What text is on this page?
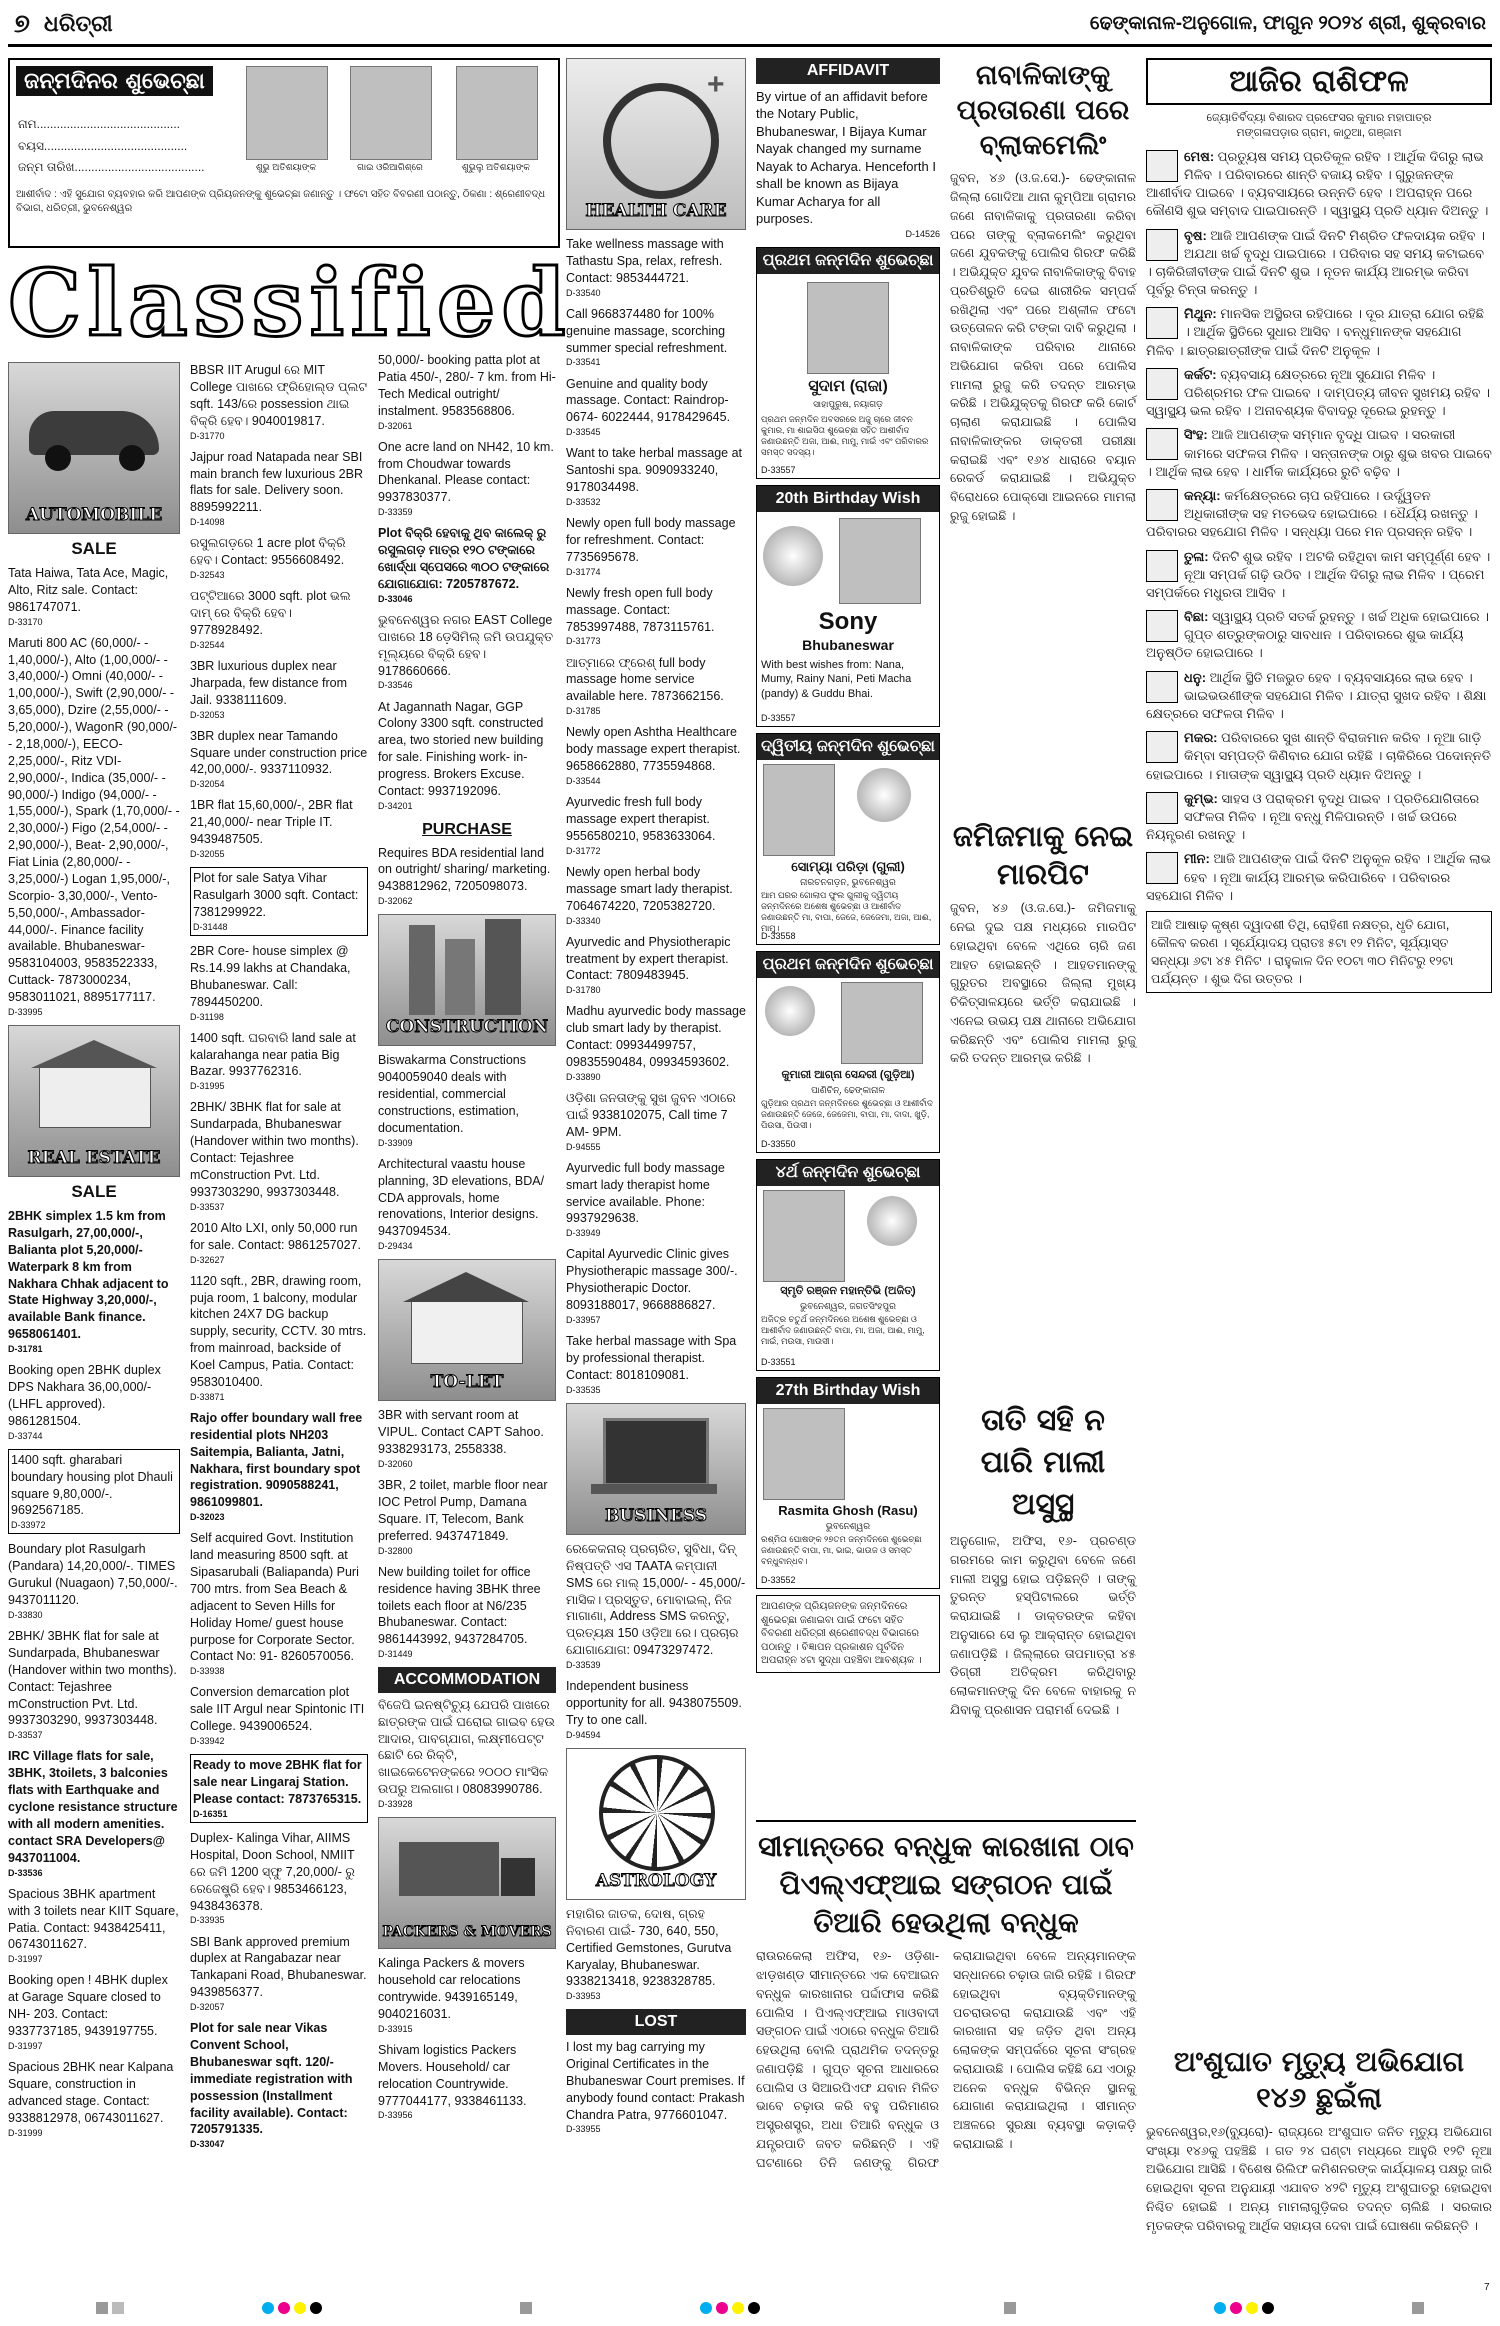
୭ ଧରିତ୍ରୀ	ଢେଙ୍କାନାଳ-ଅନୁଗୋଳ, ଫାଗୁନ ୨୦୨୪ ଶ୍ରୀ, ଶୁକ୍ରବାର
ଜନ୍ମଦିନର ଶୁଭେଚ୍ଛା
ନାମ...........................................
ବୟସ...........................................
ଜନ୍ମ ତାରିଖ.......................................	ଶୁଭୁ ଅତିଶୟାଙ୍କ	ଗାଇ ଓରିଆଗିଶ୍ରେ	ଶୁଭୁଲୁ ଅତିଶୟାଙ୍କ
ଆଶୀର୍ବାଦ : ଏହି ସୁଯୋଗ ବ୍ୟବହାର କରି ଆପଣଙ୍କ ପ୍ରିୟଜନଙ୍କୁ ଶୁଭେଚ୍ଛା ଜଣାନ୍ତୁ । ଫଟୋ ସହିତ ବିବରଣୀ ପଠାନ୍ତୁ, ଠିକଣା : ଶ୍ରେଣୀବଦ୍ଧ ବିଭାଗ, ଧରିତ୍ରୀ, ଭୁବନେଶ୍ୱର
Classified
AUTOMOBILE
SALE

Tata Haiwa, Tata Ace, Magic, Alto, Ritz sale. Contact: 9861747071.
D-33170

Maruti 800 AC (60,000/- - 1,40,000/-), Alto (1,00,000/- - 3,40,000/-) Omni (40,000/- - 1,00,000/-), Swift (2,90,000/- - 3,65,000), Dzire (2,55,000/- - 5,20,000/-), WagonR (90,000/- - 2,18,000/-), EECO- 2,25,000/-, Ritz VDI- 2,90,000/-, Indica (35,000/- - 90,000/-) Indigo (94,000/- - 1,55,000/-), Spark (1,70,000/- - 2,30,000/-) Figo (2,54,000/- - 2,90,000/-), Beat- 2,90,000/-, Fiat Linia (2,80,000/- - 3,25,000/-) Logan 1,95,000/-, Scorpio- 3,30,000/-, Vento- 5,50,000/-, Ambassador- 44,000/-. Finance facility available. Bhubaneswar- 9583104003, 9583522333, Cuttack- 7873000234, 9583011021, 8895177117.
D-33995

REAL ESTATE
SALE

2BHK simplex 1.5 km from Rasulgarh, 27,00,000/-, Balianta plot 5,20,000/- Waterpark 8 km from Nakhara Chhak adjacent to State Highway 3,20,000/-, available Bank finance. 9658061401.
D-31781

Booking open 2BHK duplex DPS Nakhara 36,00,000/- (LHFL approved). 9861281504.
D-33744

1400 sqft. gharabari boundary housing plot Dhauli square 9,80,000/-. 9692567185.
D-33972

Boundary plot Rasulgarh (Pandara) 14,20,000/-. TIMES Gurukul (Nuagaon) 7,50,000/-. 9437011120.
D-33830

2BHK/ 3BHK flat for sale at Sundarpada, Bhubaneswar (Handover within two months). Contact: Tejashree mConstruction Pvt. Ltd. 9937303290, 9937303448.
D-33537

IRC Village flats for sale, 3BHK, 3toilets, 3 balconies flats with Earthquake and cyclone resistance structure with all modern amenities. contact SRA Developers@ 9437011004.
D-33536

Spacious 3BHK apartment with 3 toilets near KIIT Square, Patia. Contact: 9438425411, 06743011627.
D-31997

Booking open ! 4BHK duplex at Garage Square closed to NH- 203. Contact: 9337737185, 9439197755.
D-31997

Spacious 2BHK near Kalpana Square, construction in advanced stage. Contact: 9338812978, 06743011627.
D-31999

BBSR IIT Arugul ରେ MIT College ପାଖରେ ଫ୍ରିହୋଲ୍ଡ ପ୍ଲଟ sqft. 143/ରେ possession ଥାଇ ବିକ୍ରି ହେବ। 9040019817.
D-31770

Jajpur road Natapada near SBI main branch few luxurious 2BR flats for sale. Delivery soon. 8895992211.
D-14098

ରସୁଲଗଡ଼ରେ 1 acre plot ବିକ୍ରି ହେବ। Contact: 9556608492.
D-32543

ପଟ୍ଟିଆରେ 3000 sqft. plot ଭଲ ଦାମ୍‍ ରେ ବିକ୍ରି ହେବ। 9778928492.
D-32544

3BR luxurious duplex near Jharpada, few distance from Jail. 9338111609.
D-32053

3BR duplex near Tamando Square under construction price 42,00,000/-. 9337110932.
D-32054

1BR flat 15,60,000/-, 2BR flat 21,40,000/- near Triple IT. 9439487505.
D-32055

Plot for sale Satya Vihar Rasulgarh 3000 sqft. Contact: 7381299922.
D-31448

2BR Core- house simplex @ Rs.14.99 lakhs at Chandaka, Bhubaneswar. Call: 7894450200.
D-31198

1400 sqft. ଘରବାରି land sale at kalarahanga near patia Big Bazar. 9937762316.
D-31995

2BHK/ 3BHK flat for sale at Sundarpada, Bhubaneswar (Handover within two months). Contact: Tejashree mConstruction Pvt. Ltd. 9937303290, 9937303448.
D-33537

2010 Alto LXI, only 50,000 run for sale. Contact: 9861257027.
D-32627

1120 sqft., 2BR, drawing room, puja room, 1 balcony, modular kitchen 24X7 DG backup supply, security, CCTV. 30 mtrs. from mainroad, backside of Koel Campus, Patia. Contact: 9583010400.
D-33871

Rajo offer boundary wall free residential plots NH203 Saitempia, Balianta, Jatni, Nakhara, first boundary spot registration. 9090588241, 9861099801.
D-32023

Self acquired Govt. Institution land measuring 8500 sqft. at Sipasarubali (Baliapanda) Puri 700 mtrs. from Sea Beach & adjacent to Seven Hills for Holiday Home/ guest house purpose for Corporate Sector. Contact No: 91- 8260570056.
D-33938

Conversion demarcation plot sale IIT Argul near Spintonic ITI College. 9439006524.
D-33942

Ready to move 2BHK flat for sale near Lingaraj Station. Please contact: 7873765315.
D-16351

Duplex- Kalinga Vihar, AIIMS Hospital, Doon School, NMIIT ରେ ଜମି 1200 ସ୍ଫୁ 7,20,000/- ରୁ ରେଜେଷ୍ଟ୍ରି ହେବ। 9853466123, 9438436378.
D-33935

SBI Bank approved premium duplex at Rangabazar near Tankapani Road, Bhubaneswar. 9439856377.
D-32057

Plot for sale near Vikas Convent School, Bhubaneswar sqft. 120/- immediate registration with possession (Installment facility available). Contact: 7205791335.
D-33047

50,000/- booking patta plot at Patia 450/-, 280/- 7 km. from Hi-Tech Medical outright/ instalment. 9583568806.
D-32061

One acre land on NH42, 10 km. from Choudwar towards Dhenkanal. Please contact: 9937830377.
D-33359

Plot ବିକ୍ରି ହେବାକୁ ଥିବ କାଲେକ୍‍ ରୁ ରସୁଲଗଡ଼ ମାତ୍ର ୧୨୦ ଟଙ୍କାରେ ଖୋର୍ଦ୍ଧା ସ୍ପେସରେ ୩୦୦ ଟଙ୍କାରେ ଯୋଗାଯୋଗ: 7205787672.
D-33046

ଭୁବନେଶ୍ୱର ନଗର EAST College ପାଖରେ 18 ଡ଼େସିମିଲ୍‍ ଜମି ଉପଯୁକ୍ତ ମୂଲ୍ୟରେ ବିକ୍ରି ହେବ। 9178660666.
D-33546

At Jagannath Nagar, GGP Colony 3300 sqft. constructed area, two storied new building for sale. Finishing work- in- progress. Brokers Excuse. Contact: 9937192096.
D-34201

PURCHASE

Requires BDA residential land on outright/ sharing/ marketing. 9438812962, 7205098073.
D-32062

CONSTRUCTION

Biswakarma Constructions 9040059040 deals with residential, commercial constructions, estimation, documentation.
D-33909

Architectural vaastu house planning, 3D elevations, BDA/ CDA approvals, home renovations, Interior designs. 9437094534.
D-29434

TO-LET

3BR with servant room at VIPUL. Contact CAPT Sahoo. 9338293173, 2558338.
D-32060

3BR, 2 toilet, marble floor near IOC Petrol Pump, Damana Square. IT, Telecom, Bank preferred. 9437471849.
D-32800

New building toilet for office residence having 3BHK three toilets each floor at N6/235 Bhubaneswar. Contact: 9861443992, 9437284705.
D-31449

ACCOMMODATION

ବିଜେପି ଇନଷ୍ଟିଚ୍ୟୁ ଯେପରି ପାଖରେ ଛାତ୍ରଙ୍କ ପାଇଁ ଘରୋଇ ଗାଇବ ହେଉ ଆଦାର, ପାବଗ୍‍ଯାଗ, ଲକ୍ଷ୍ମୀପେଟ୍ଟ ଛୋଟି ରେ ରିକ୍ଟି, ଖାଇକେଟେନଙ୍କରେ ୨୦୦୦ ମାଂସିକ ଉପରୁ ଅଲଗାଗ। 08083990786.
D-33928

PACKERS & MOVERS

Kalinga Packers & movers household car relocations contrywide. 9439165149, 9040216031.
D-33915

Shivam logistics Packers Movers. Household/ car relocation Countrywide. 9777044177, 9338461133.
D-33956

+
HEALTH CARE

Take wellness massage with Tathastu Spa, relax, refresh. Contact: 9853444721.
D-33540

Call 9668374480 for 100% genuine massage, scorching summer special refreshment.
D-33541

Genuine and quality body massage. Contact: Raindrop- 0674- 6022444, 9178429645.
D-33545

Want to take herbal massage at Santoshi spa. 9090933240, 9178034498.
D-33532

Newly open full body massage for refreshment. Contact: 7735695678.
D-31774

Newly fresh open full body massage. Contact: 7853997488, 7873115761.
D-31773

ଆତ୍ମାରେ ଫ୍ରେଶ୍‍ full body massage home service available here. 7873662156.
D-31785

Newly open Ashtha Healthcare body massage expert therapist. 9658662880, 7735594868.
D-33544

Ayurvedic fresh full body massage expert therapist. 9556580210, 9583633064.
D-31772

Newly open herbal body massage smart lady therapist. 7064674220, 7205382720.
D-33340

Ayurvedic and Physiotherapic treatment by expert therapist. Contact: 7809483945.
D-31780

Madhu ayurvedic body massage club smart lady by therapist. Contact: 09934499757, 09835590484, 09934593602.
D-33890

ଓଡ଼ିଶା ଜନତାଙ୍କୁ ସୁଖ ଜୁବନ ଏଠାରେ ପାଇଁ 9338102075, Call time 7 AM- 9PM.
D-94555

Ayurvedic full body massage smart lady therapist home service available. Phone: 9937929638.
D-33949

Capital Ayurvedic Clinic gives Physiotherapic massage 300/-. Physiotherapic Doctor. 8093188017, 9668886827.
D-33957

Take herbal massage with Spa by professional therapist. Contact: 8018109081.
D-33535

BUSINESS

ରେକେକନାର୍ ପ୍ରଚାରିତ, ସୁବିଧା, ଦିନ୍ ନିଷ୍ପତ୍ତି ଏସ TAATA କମ୍ପାନୀ SMS ରେ ମାଲ୍‍ 15,000/- - 45,000/- ମାସିକ। ପ୍ରସ୍ତୁତ, ମୋବାଇଲ୍, ନିଜ ମାଗାଣା, Address SMS କରନ୍ତୁ, ପ୍ରତ୍ୟକ୍ଷ 150 ଓଡ଼ିଆ ରେ। ପ୍ରଚାର ଯୋଗାଯୋଗ: 09473297472.
D-33539

Independent business opportunity for all. 9438075509. Try to one call.
D-94594

ASTROLOGY

ମହାଗିର ଜାତକ, ଦୋଷ, ଗ୍ରହ ନିବାରଣ ପାଇଁ- 730, 640, 550, Certified Gemstones, Gurutva Karyalay, Bhubaneswar. 9338213418, 9238328785.
D-33953

LOST

I lost my bag carrying my Original Certificates in the Bhubaneswar Court premises. If anybody found contact: Prakash Chandra Patra, 9776601047.
D-33955

AFFIDAVIT

By virtue of an affidavit before the Notary Public, Bhubaneswar, I Bijaya Kumar Nayak changed my surname Nayak to Acharya. Henceforth I shall be known as Bijaya Kumar Acharya for all purposes.
D-14526

ପ୍ରଥମ ଜନ୍ମଦିନ ଶୁଭେଚ୍ଛା
ସୁଦାମ (ରାଜା)
ସାହାପୁରୁଷ, ନୟାଗଡ଼
ପ୍ରଥମ ଜନ୍ମଦିନ ଅବସରରେ ଅଜୁ ଚାରେ ଜୀବନ କୁମାର, ମା ଶାଇସିତା ଶୁଭେଚ୍ଛା ସହିତ ଆଶୀର୍ବାଦ ଜଣାଉଛନ୍ତି ଅଜା, ଆଈ, ମାମୁ, ମାଇଁ ଏବଂ ପରିବାରର ସମସ୍ତ ସଦସ୍ୟ।
D-33557
20th Birthday Wish
Sony
Bhubaneswar
With best wishes from: Nana, Mumy, Rainy Nani, Peti Macha (pandy) & Guddu Bhai.
D-33557
ଦ୍ୱିତୀୟ ଜନ୍ମଦିନ ଶୁଭେଚ୍ଛା
ସୋମ୍ୟା ପରିଡ଼ା (ଗୁଲୀ)
ନାରଚନଗଡ଼ନ, ଭୁବନେଶ୍ୱର
ଆମ ଘରର ଗୋଲାପ ଫୁଲ ଗୁଲୀକୁ ଦ୍ୱିତୀୟ ଜନ୍ମଦିନରେ ଅଶେଷ ଶୁଭେଚ୍ଛା ଓ ଆଶୀର୍ବାଦ ଜଣାଉଛନ୍ତି ମା, ବାପା, ଜେଜେ, ଜେଜେମା, ଅଜା, ଆଈ, ମାମୁ।
D-33558
ପ୍ରଥମ ଜନ୍ମଦିନ ଶୁଭେଚ୍ଛା
କୁମାରୀ ଆଗ୍ନା ସେନ୍ଦରୀ (ଗୁଡ଼ିଆ)
ପାଣିଚିନ୍, ଢେଙ୍କାନାଳ
ଗୁଡ଼ିଆର ପ୍ରଥମ ଜନ୍ମଦିନରେ ଶୁଭେଚ୍ଛା ଓ ଆଶୀର୍ବାଦ ଜଣାଉଛନ୍ତି ଜେଜେ, ଜେଜେମା, ବାପା, ମା, ଦାଦା, ଖୁଡ଼ି, ପିଉସା, ପିଉସୀ।
D-33550
୪ର୍ଥ ଜନ୍ମଦିନ ଶୁଭେଚ୍ଛା
ସ୍ମୃତି ରଞ୍ଜନ ମହାନ୍ତିଭି (ଅଜିତ୍)
ଭୁବନେଶ୍ୱର, ଜଗତସିଂହପୁର
ଅଜିତ୍‍ର ଚତୁର୍ଥ ଜନ୍ମଦିନରେ ଅଶେଷ ଶୁଭେଚ୍ଛା ଓ ଆଶୀର୍ବାଦ ଜଣାଉଛନ୍ତି ବାପା, ମା, ଅଜା, ଆଈ, ମାମୁ, ମାଇଁ, ମଉସା, ମାଉସୀ।
D-33551
27th Birthday Wish
Rasmita Ghosh (Rasu)
ଭୁବନେଶ୍ୱର
ରଶ୍ମିତା ଘୋଷଙ୍କ ୨୭ତମ ଜନ୍ମଦିନରେ ଶୁଭେଚ୍ଛା ଜଣାଉଛନ୍ତି ବାପା, ମା, ଭାଇ, ଭାଉଜ ଓ ସମସ୍ତ ବନ୍ଧୁବାନ୍ଧବ।
D-33552
ଆପଣଙ୍କ ପ୍ରିୟଜନଙ୍କ ଜନ୍ମଦିନରେ ଶୁଭେଚ୍ଛା ଜଣାଇବା ପାଇଁ ଫଟୋ ସହିତ ବିବରଣୀ ଧରିତ୍ରୀ ଶ୍ରେଣୀବଦ୍ଧ ବିଭାଗରେ ପଠାନ୍ତୁ । ବିଜ୍ଞାପନ ପ୍ରକାଶନ ପୂର୍ବଦିନ ଅପରାହ୍ନ ୪ଟା ସୁଦ୍ଧା ପହଞ୍ଚିବା ଆବଶ୍ୟକ ।
ନାବାଳିକାଙ୍କୁ ପ୍ରତାରଣା ପରେ ବ୍ଲାକମେଲିଂ
ଜୁବନ, ୪୬ (ଓ.ଜ.ସେ.)- ଢେଙ୍କାନାଳ ଜିଲ୍ଲା ଗୋଦିଆ ଥାନା କୁମ୍ପିଆ ଗ୍ରାମର ଜଣେ ନାବାଳିକାକୁ ପ୍ରତାରଣା କରିବା ପରେ ତାଙ୍କୁ ବ୍ଲାକମେଲିଂ କରୁଥିବା ଜଣେ ଯୁବକଙ୍କୁ ପୋଲିସ ଗିରଫ କରିଛି । ଅଭିଯୁକ୍ତ ଯୁବକ ନାବାଳିକାଙ୍କୁ ବିବାହ ପ୍ରତିଶ୍ରୁତି ଦେଇ ଶାରୀରିକ ସମ୍ପର୍କ ରଖିଥିଲା ଏବଂ ପରେ ଅଶ୍ଳୀଳ ଫଟୋ ଉତ୍ତୋଳନ କରି ଟଙ୍କା ଦାବି କରୁଥିଲା । ନାବାଳିକାଙ୍କ ପରିବାର ଥାନାରେ ଅଭିଯୋଗ କରିବା ପରେ ପୋଲିସ ମାମଲା ରୁଜୁ କରି ତଦନ୍ତ ଆରମ୍ଭ କରିଛି । ଅଭିଯୁକ୍ତକୁ ଗିରଫ କରି କୋର୍ଟ ଚାଲାଣ କରାଯାଇଛି । ପୋଲିସ ନାବାଳିକାଙ୍କର ଡାକ୍ତରୀ ପରୀକ୍ଷା କରାଇଛି ଏବଂ ୧୬୪ ଧାରାରେ ବୟାନ ରେକର୍ଡ କରାଯାଇଛି । ଅଭିଯୁକ୍ତ ବିରୋଧରେ ପୋକ୍ସୋ ଆଇନରେ ମାମଲା ରୁଜୁ ହୋଇଛି ।
ଜମିଜମାକୁ ନେଇ ମାରପିଟ
ଜୁବନ, ୪୬ (ଓ.ଜ.ସେ.)- ଜମିଜମାକୁ ନେଇ ଦୁଇ ପକ୍ଷ ମଧ୍ୟରେ ମାରପିଟ ହୋଇଥିବା ବେଳେ ଏଥିରେ ଚାରି ଜଣ ଆହତ ହୋଇଛନ୍ତି । ଆହତମାନଙ୍କୁ ଗୁରୁତର ଅବସ୍ଥାରେ ଜିଲ୍ଲା ମୁଖ୍ୟ ଚିକିତ୍ସାଳୟରେ ଭର୍ତ୍ତି କରାଯାଇଛି । ଏନେଇ ଉଭୟ ପକ୍ଷ ଥାନାରେ ଅଭିଯୋଗ କରିଛନ୍ତି ଏବଂ ପୋଲିସ ମାମଲା ରୁଜୁ କରି ତଦନ୍ତ ଆରମ୍ଭ କରିଛି ।
ତାତି ସହି ନ ପାରି ମାଲୀ ଅସୁସ୍ଥ
ଅନୁଗୋଳ, ଅଫିସ, ୧୬- ପ୍ରଚଣ୍ଡ ଗରମରେ କାମ କରୁଥିବା ବେଳେ ଜଣେ ମାଲୀ ଅସୁସ୍ଥ ହୋଇ ପଡ଼ିଛନ୍ତି । ତାଙ୍କୁ ତୁରନ୍ତ ହସ୍ପିଟାଲରେ ଭର୍ତ୍ତି କରାଯାଇଛି । ଡାକ୍ତରଙ୍କ କହିବା ଅନୁସାରେ ସେ ଲୁ ଆକ୍ରାନ୍ତ ହୋଇଥିବା ଜଣାପଡ଼ିଛି । ଜିଲ୍ଲାରେ ତାପମାତ୍ରା ୪୫ ଡିଗ୍ରୀ ଅତିକ୍ରମ କରିଥିବାରୁ ଲୋକମାନଙ୍କୁ ଦିନ ବେଳେ ବାହାରକୁ ନ ଯିବାକୁ ପ୍ରଶାସନ ପରାମର୍ଶ ଦେଇଛି ।
ସୀମାନ୍ତରେ ବନ୍ଧୁକ କାରଖାନା ଠାବ ପିଏଲ୍‍ଏଫ୍‍ଆଇ ସଙ୍ଗଠନ ପାଇଁ ତିଆରି ହେଉଥିଲା ବନ୍ଧୁକ
ରାଉରକେଲା ଅଫିସ, ୧୬- ଓଡ଼ିଶା-ଝାଡ଼ଖଣ୍ଡ ସୀମାନ୍ତରେ ଏକ ବେଆଇନ ବନ୍ଧୁକ କାରଖାନାର ପର୍ଦ୍ଦାଫାସ କରିଛି ପୋଲିସ । ପିଏଲ୍‍ଏଫ୍‍ଆଇ ମାଓବାଦୀ ସଙ୍ଗଠନ ପାଇଁ ଏଠାରେ ବନ୍ଧୁକ ତିଆରି ହେଉଥିଲା ବୋଲି ପ୍ରାଥମିକ ତଦନ୍ତରୁ ଜଣାପଡ଼ିଛି । ଗୁପ୍ତ ସୂଚନା ଆଧାରରେ ପୋଲିସ ଓ ସିଆରପିଏଫ ଯବାନ ମିଳିତ ଭାବେ ଚଢ଼ାଉ କରି ବହୁ ପରିମାଣର ଅସ୍ତ୍ରଶସ୍ତ୍ର, ଅଧା ତିଆରି ବନ୍ଧୁକ ଓ ଯନ୍ତ୍ରପାତି ଜବତ କରିଛନ୍ତି । ଏହି ଘଟଣାରେ ତିନି ଜଣଙ୍କୁ ଗିରଫ କରାଯାଇଥିବା ବେଳେ ଅନ୍ୟମାନଙ୍କ ସନ୍ଧାନରେ ଚଢ଼ାଉ ଜାରି ରହିଛି । ଗିରଫ ହୋଇଥିବା ବ୍ୟକ୍ତିମାନଙ୍କୁ ପଚରାଉଚରା କରାଯାଉଛି ଏବଂ ଏହି କାରଖାନା ସହ ଜଡ଼ିତ ଥିବା ଅନ୍ୟ ଲୋକଙ୍କ ସମ୍ପର୍କରେ ସୂଚନା ସଂଗ୍ରହ କରାଯାଉଛି । ପୋଲିସ କହିଛି ଯେ ଏଠାରୁ ଅନେକ ବନ୍ଧୁକ ବିଭିନ୍ନ ସ୍ଥାନକୁ ଯୋଗାଣ କରାଯାଇଥିଲା । ସୀମାନ୍ତ ଅଞ୍ଚଳରେ ସୁରକ୍ଷା ବ୍ୟବସ୍ଥା କଡ଼ାକଡ଼ି କରାଯାଇଛି ।
ଆଜିର ରାଶିଫଳ
ଜ୍ୟୋତିର୍ବିଦ୍ୟା ବିଶାରଦ ପ୍ରଫେସର କୁମାର ମହାପାତ୍ର
ମଙ୍ଗଳାପଡ଼ାର ଗ୍ରାମ, କାଠୁଆ, ଗଞ୍ଜାମ

ମେଷ: ପ୍ରତ୍ୟୁଷ ସମୟ ପ୍ରତିକୂଳ ରହିବ । ଆର୍ଥିକ ଦିଗରୁ ଲାଭ ମିଳିବ । ପରିବାରରେ ଶାନ୍ତି ବଜାୟ ରହିବ । ଗୁରୁଜନଙ୍କ ଆଶୀର୍ବାଦ ପାଇବେ । ବ୍ୟବସାୟରେ ଉନ୍ନତି ହେବ । ଅପରାହ୍ନ ପରେ କୌଣସି ଶୁଭ ସମ୍ବାଦ ପାଇପାରନ୍ତି । ସ୍ୱାସ୍ଥ୍ୟ ପ୍ରତି ଧ୍ୟାନ ଦିଅନ୍ତୁ ।

ବୃଷ: ଆଜି ଆପଣଙ୍କ ପାଇଁ ଦିନଟି ମିଶ୍ରିତ ଫଳଦାୟକ ରହିବ । ଅଯଥା ଖର୍ଚ୍ଚ ବୃଦ୍ଧି ପାଇପାରେ । ପରିବାର ସହ ସମୟ କଟାଇବେ । ଚାକିରିଜୀବୀଙ୍କ ପାଇଁ ଦିନଟି ଶୁଭ । ନୂତନ କାର୍ଯ୍ୟ ଆରମ୍ଭ କରିବା ପୂର୍ବରୁ ଚିନ୍ତା କରନ୍ତୁ ।

ମିଥୁନ: ମାନସିକ ଅସ୍ଥିରତା ରହିପାରେ । ଦୂର ଯାତ୍ରା ଯୋଗ ରହିଛି । ଆର୍ଥିକ ସ୍ଥିତିରେ ସୁଧାର ଆସିବ । ବନ୍ଧୁମାନଙ୍କ ସହଯୋଗ ମିଳିବ । ଛାତ୍ରଛାତ୍ରୀଙ୍କ ପାଇଁ ଦିନଟି ଅନୁକୂଳ ।

କର୍କଟ: ବ୍ୟବସାୟ କ୍ଷେତ୍ରରେ ନୂଆ ସୁଯୋଗ ମିଳିବ । ପରିଶ୍ରମର ଫଳ ପାଇବେ । ଦାମ୍ପତ୍ୟ ଜୀବନ ସୁଖମୟ ରହିବ । ସ୍ୱାସ୍ଥ୍ୟ ଭଲ ରହିବ । ଅନାବଶ୍ୟକ ବିବାଦରୁ ଦୂରେଇ ରୁହନ୍ତୁ ।

ସିଂହ: ଆଜି ଆପଣଙ୍କ ସମ୍ମାନ ବୃଦ୍ଧି ପାଇବ । ସରକାରୀ କାମରେ ସଫଳତା ମିଳିବ । ସନ୍ତାନଙ୍କ ଠାରୁ ଶୁଭ ଖବର ପାଇବେ । ଆର୍ଥିକ ଲାଭ ହେବ । ଧାର୍ମିକ କାର୍ଯ୍ୟରେ ରୁଚି ବଢ଼ିବ ।

କନ୍ୟା: କର୍ମକ୍ଷେତ୍ରରେ ଚାପ ରହିପାରେ । ଉର୍ଦ୍ଧ୍ୱତନ ଅଧିକାରୀଙ୍କ ସହ ମତଭେଦ ହୋଇପାରେ । ଧୈର୍ଯ୍ୟ ରଖନ୍ତୁ । ପରିବାରର ସହଯୋଗ ମିଳିବ । ସନ୍ଧ୍ୟା ପରେ ମନ ପ୍ରସନ୍ନ ରହିବ ।

ତୁଳା: ଦିନଟି ଶୁଭ ରହିବ । ଅଟକି ରହିଥିବା କାମ ସମ୍ପୂର୍ଣ୍ଣ ହେବ । ନୂଆ ସମ୍ପର୍କ ଗଢ଼ି ଉଠିବ । ଆର୍ଥିକ ଦିଗରୁ ଲାଭ ମିଳିବ । ପ୍ରେମ ସମ୍ପର୍କରେ ମଧୁରତା ଆସିବ ।

ବିଛା: ସ୍ୱାସ୍ଥ୍ୟ ପ୍ରତି ସତର୍କ ରୁହନ୍ତୁ । ଖର୍ଚ୍ଚ ଅଧିକ ହୋଇପାରେ । ଗୁପ୍ତ ଶତ୍ରୁଙ୍କଠାରୁ ସାବଧାନ । ପରିବାରରେ ଶୁଭ କାର୍ଯ୍ୟ ଅନୁଷ୍ଠିତ ହୋଇପାରେ ।

ଧନୁ: ଆର୍ଥିକ ସ୍ଥିତି ମଜଭୁତ ହେବ । ବ୍ୟବସାୟରେ ଲାଭ ହେବ । ଭାଇଭଉଣୀଙ୍କ ସହଯୋଗ ମିଳିବ । ଯାତ୍ରା ସୁଖଦ ରହିବ । ଶିକ୍ଷା କ୍ଷେତ୍ରରେ ସଫଳତା ମିଳିବ ।

ମକର: ପରିବାରରେ ସୁଖ ଶାନ୍ତି ବିରାଜମାନ କରିବ । ନୂଆ ଗାଡ଼ି କିମ୍ବା ସମ୍ପତ୍ତି କିଣିବାର ଯୋଗ ରହିଛି । ଚାକିରିରେ ପଦୋନ୍ନତି ହୋଇପାରେ । ମାତାଙ୍କ ସ୍ୱାସ୍ଥ୍ୟ ପ୍ରତି ଧ୍ୟାନ ଦିଅନ୍ତୁ ।

କୁମ୍ଭ: ସାହସ ଓ ପରାକ୍ରମ ବୃଦ୍ଧି ପାଇବ । ପ୍ରତିଯୋଗିତାରେ ସଫଳତା ମିଳିବ । ନୂଆ ବନ୍ଧୁ ମିଳିପାରନ୍ତି । ଖର୍ଚ୍ଚ ଉପରେ ନିୟନ୍ତ୍ରଣ ରଖନ୍ତୁ ।

ମୀନ: ଆଜି ଆପଣଙ୍କ ପାଇଁ ଦିନଟି ଅନୁକୂଳ ରହିବ । ଆର୍ଥିକ ଲାଭ ହେବ । ନୂଆ କାର୍ଯ୍ୟ ଆରମ୍ଭ କରିପାରିବେ । ପରିବାରର ସହଯୋଗ ମିଳିବ ।

ଆଜି ଆଷାଢ଼ କୃଷ୍ଣ ଦ୍ୱାଦଶୀ ତିଥି, ରୋହିଣୀ ନକ୍ଷତ୍ର, ଧୃତି ଯୋଗ, କୌଳବ କରଣ । ସୂର୍ଯ୍ୟୋଦୟ ପ୍ରାତଃ ୫ଟା ୧୨ ମିନିଟ, ସୂର୍ଯ୍ୟାସ୍ତ ସନ୍ଧ୍ୟା ୬ଟା ୪୫ ମିନିଟ । ରାହୁକାଳ ଦିନ ୧୦ଟା ୩୦ ମିନିଟରୁ ୧୨ଟା ପର୍ଯ୍ୟନ୍ତ । ଶୁଭ ଦିଗ ଉତ୍ତର ।
ଅଂଶୁଘାତ ମୃତ୍ୟୁ ଅଭିଯୋଗ ୧୪୬ ଛୁଇଁଲା
ଭୁବନେଶ୍ୱର,୧୬(ବ୍ୟୁରୋ)- ରାଜ୍ୟରେ ଅଂଶୁଘାତ ଜନିତ ମୃତ୍ୟୁ ଅଭିଯୋଗ ସଂଖ୍ୟା ୧୪୬କୁ ପହଞ୍ଚିଛି । ଗତ ୨୪ ଘଣ୍ଟା ମଧ୍ୟରେ ଆହୁରି ୧୨ଟି ନୂଆ ଅଭିଯୋଗ ଆସିଛି । ବିଶେଷ ରିଲିଫ କମିଶନରଙ୍କ କାର୍ଯ୍ୟାଳୟ ପକ୍ଷରୁ ଜାରି ହୋଇଥିବା ସୂଚନା ଅନୁଯାୟୀ ଏଯାବତ ୪୨ଟି ମୃତ୍ୟୁ ଅଂଶୁଘାତରୁ ହୋଇଥିବା ନିଶ୍ଚିତ ହୋଇଛି । ଅନ୍ୟ ମାମଲାଗୁଡ଼ିକର ତଦନ୍ତ ଚାଲିଛି । ସରକାର ମୃତକଙ୍କ ପରିବାରକୁ ଆର୍ଥିକ ସହାୟତା ଦେବା ପାଇଁ ଘୋଷଣା କରିଛନ୍ତି ।
7
